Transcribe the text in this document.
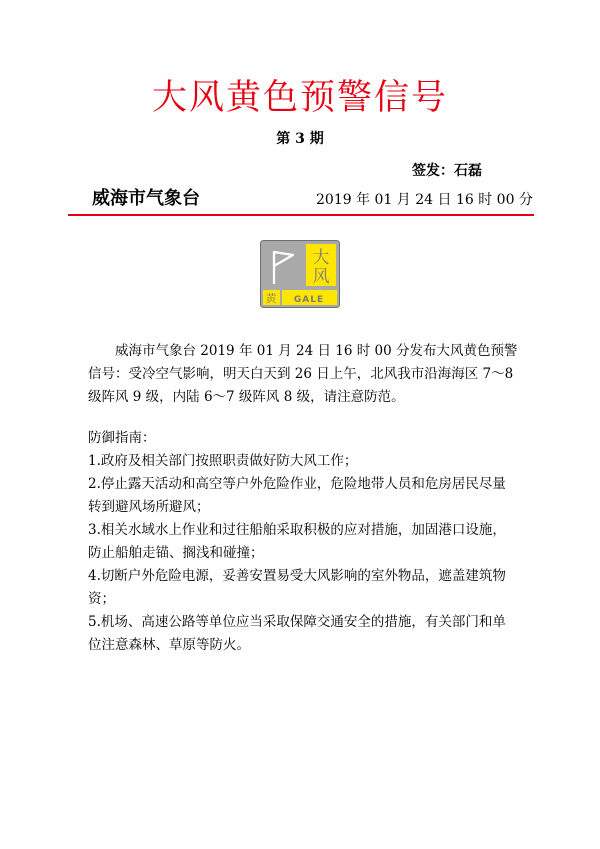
大风黄色预警信号
第 3 期
签发：石磊
威海市气象台	2019 年 01 月 24 日 16 时 00 分
大
风
黄 GALE

威海市气象台 2019 年 01 月 24 日 16 时 00 分发布大风黄色预警信号：受冷空气影响，明天白天到 26 日上午，北风我市沿海海区 7～8 级阵风 9 级，内陆 6～7 级阵风 8 级，请注意防范。

防御指南：

1.政府及相关部门按照职责做好防大风工作；

2.停止露天活动和高空等户外危险作业，危险地带人员和危房居民尽量转到避风场所避风；

3.相关水域水上作业和过往船舶采取积极的应对措施，加固港口设施，防止船舶走锚、搁浅和碰撞；

4.切断户外危险电源，妥善安置易受大风影响的室外物品，遮盖建筑物资；

5.机场、高速公路等单位应当采取保障交通安全的措施，有关部门和单位注意森林、草原等防火。
